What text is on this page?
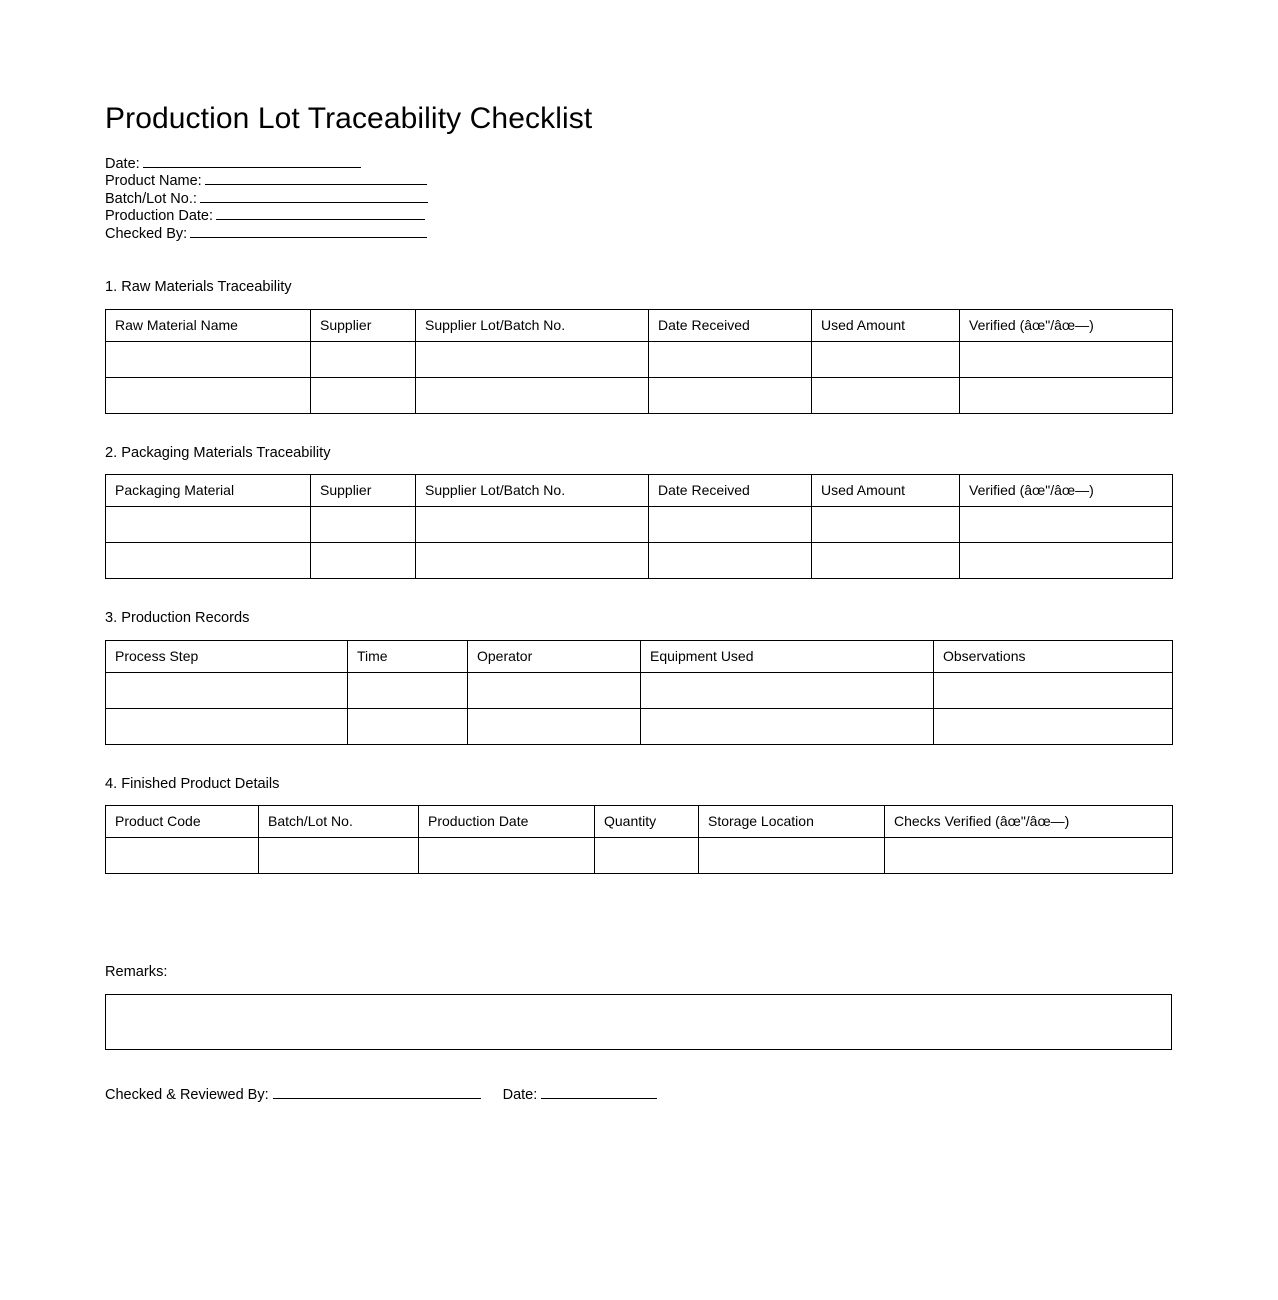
Production Lot Traceability Checklist
Date:
Product Name:
Batch/Lot No.:
Production Date:
Checked By:
1. Raw Materials Traceability
Raw Material Name	Supplier	Supplier Lot/Batch No.	Date Received	Used Amount	Verified (âœ"/âœ—)

2. Packaging Materials Traceability
Packaging Material	Supplier	Supplier Lot/Batch No.	Date Received	Used Amount	Verified (âœ"/âœ—)

3. Production Records
Process Step	Time	Operator	Equipment Used	Observations

4. Finished Product Details
Product Code	Batch/Lot No.	Production Date	Quantity	Storage Location	Checks Verified (âœ"/âœ—)

Remarks:
Checked & Reviewed By:	Date:
